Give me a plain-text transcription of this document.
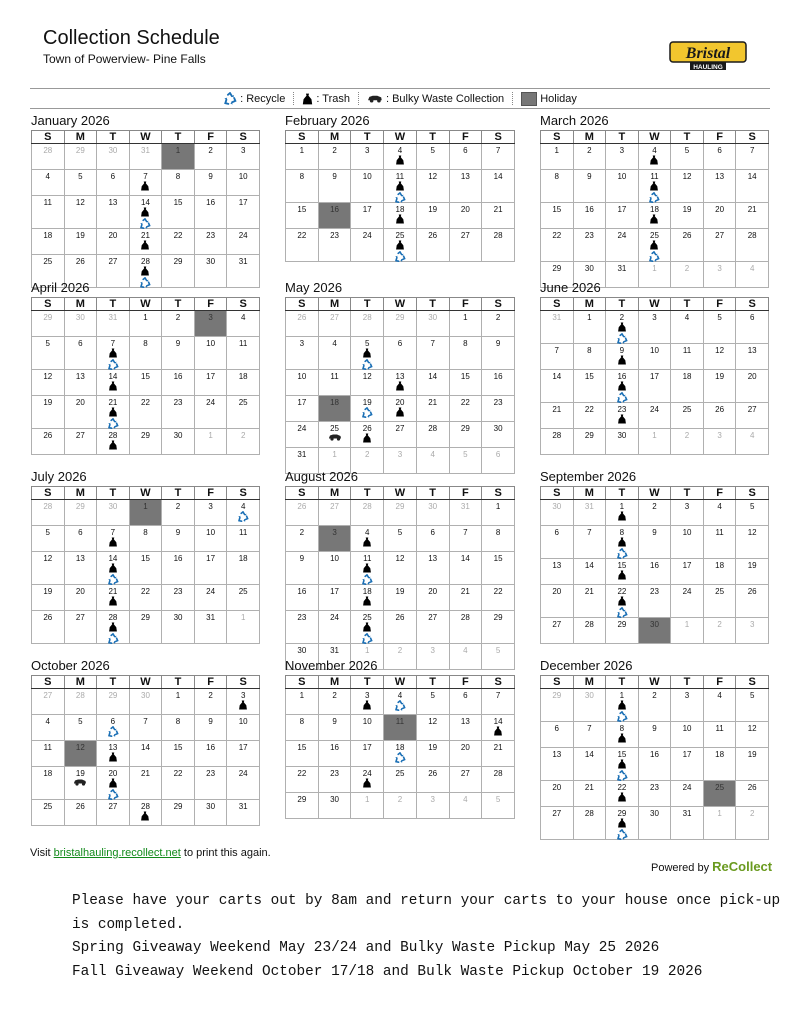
Collection Schedule
Town of Powerview- Pine Falls	Bristal
HAULING
: Recycle	: Trash	: Bulky Waste Collection	Holiday
January 2026
S	M	T	W	T	F	S

28	29	30	31	1	2	3

4	5	6	7	8	9	10

11	12	13	14	15	16	17

18	19	20	21	22	23	24

25	26	27	28	29	30	31
February 2026
S	M	T	W	T	F	S

1	2	3	4	5	6	7

8	9	10	11	12	13	14

15	16	17	18	19	20	21

22	23	24	25	26	27	28
March 2026
S	M	T	W	T	F	S

1	2	3	4	5	6	7

8	9	10	11	12	13	14

15	16	17	18	19	20	21

22	23	24	25	26	27	28

29	30	31	1	2	3	4
April 2026
S	M	T	W	T	F	S

29	30	31	1	2	3	4

5	6	7	8	9	10	11

12	13	14	15	16	17	18

19	20	21	22	23	24	25

26	27	28	29	30	1	2
May 2026
S	M	T	W	T	F	S

26	27	28	29	30	1	2

3	4	5	6	7	8	9

10	11	12	13	14	15	16

17	18	19	20	21	22	23

24	25	26	27	28	29	30

31	1	2	3	4	5	6
June 2026
S	M	T	W	T	F	S

31	1	2	3	4	5	6

7	8	9	10	11	12	13

14	15	16	17	18	19	20

21	22	23	24	25	26	27

28	29	30	1	2	3	4
July 2026
S	M	T	W	T	F	S

28	29	30	1	2	3	4

5	6	7	8	9	10	11

12	13	14	15	16	17	18

19	20	21	22	23	24	25

26	27	28	29	30	31	1
August 2026
S	M	T	W	T	F	S

26	27	28	29	30	31	1

2	3	4	5	6	7	8

9	10	11	12	13	14	15

16	17	18	19	20	21	22

23	24	25	26	27	28	29

30	31	1	2	3	4	5
September 2026
S	M	T	W	T	F	S

30	31	1	2	3	4	5

6	7	8	9	10	11	12

13	14	15	16	17	18	19

20	21	22	23	24	25	26

27	28	29	30	1	2	3
October 2026
S	M	T	W	T	F	S

27	28	29	30	1	2	3

4	5	6	7	8	9	10

11	12	13	14	15	16	17

18	19	20	21	22	23	24

25	26	27	28	29	30	31
November 2026
S	M	T	W	T	F	S

1	2	3	4	5	6	7

8	9	10	11	12	13	14

15	16	17	18	19	20	21

22	23	24	25	26	27	28

29	30	1	2	3	4	5
December 2026
S	M	T	W	T	F	S

29	30	1	2	3	4	5

6	7	8	9	10	11	12

13	14	15	16	17	18	19

20	21	22	23	24	25	26

27	28	29	30	31	1	2
Visit bristalhauling.recollect.net to print this again.
Powered by ReCollect

Please have your carts out by 8am and return your carts to your house once pick-up is completed.

Spring Giveaway Weekend May 23/24 and Bulky Waste Pickup May 25 2026

Fall Giveaway Weekend October 17/18 and Bulk Waste Pickup October 19 2026
